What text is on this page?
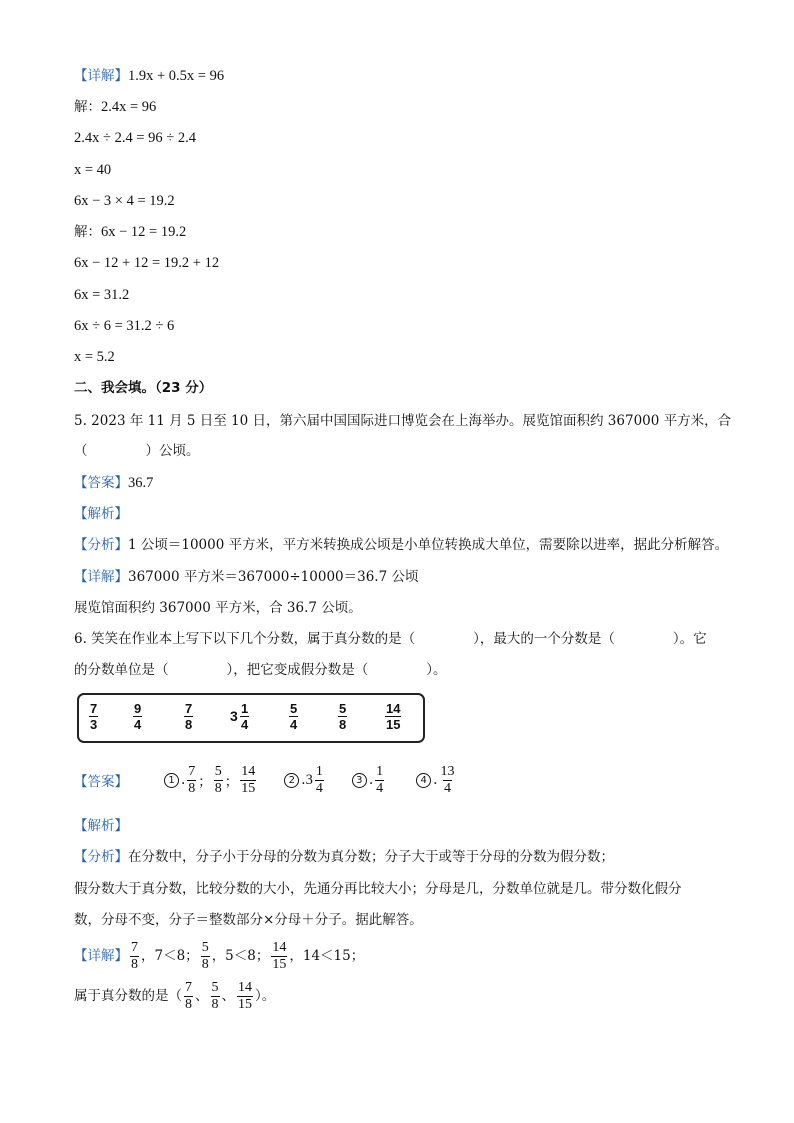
【详解】1.9x + 0.5x = 96
解：2.4x = 96
2.4x ÷ 2.4 = 96 ÷ 2.4
x = 40
6x − 3 × 4 = 19.2
解：6x − 12 = 19.2
6x − 12 + 12 = 19.2 + 12
6x = 31.2
6x ÷ 6 = 31.2 ÷ 6
x = 5.2
二、我会填。（23 分）
5. 2023 年 11 月 5 日至 10 日，第六届中国国际进口博览会在上海举办。展览馆面积约 367000 平方米，合
（	）公顷。
【答案】36.7
【解析】
【分析】1 公顷＝10000 平方米，平方米转换成公顷是小单位转换成大单位，需要除以进率，据此分析解答。
【详解】367000 平方米＝367000÷10000＝36.7 公顷
展览馆面积约 367000 平方米，合 36.7 公顷。
6. 笑笑在作业本上写下以下几个分数，属于真分数的是（	），最大的一个分数是（	）。它
的分数单位是（	），把它变成假分数是（	）。
$\frac{7}{3}$	$\frac{9}{4}$	$\frac{7}{8}$	$3 \frac{1}{4}$	$\frac{5}{4}$	$\frac{5}{8}$	$\frac{14}{15}$
【答案】	1 . $\frac{7}{8}$ ； $\frac{5}{8}$ ； $\frac{14}{15}$	2 . $3 \frac{1}{4}$	3 . $\frac{1}{4}$	4 . $\frac{13}{4}$
【解析】
【分析】在分数中，分子小于分母的分数为真分数；分子大于或等于分母的分数为假分数；
假分数大于真分数，比较分数的大小，先通分再比较大小；分母是几，分数单位就是几。带分数化假分
数，分母不变，分子＝整数部分×分母＋分子。据此解答。
【详解】 $\frac{7}{8}$ ，7＜8； $\frac{5}{8}$ ，5＜8； $\frac{14}{15}$ ，14＜15；
属于真分数的是（ $\frac{7}{8}$ 、 $\frac{5}{8}$ 、 $\frac{14}{15}$ ）。
